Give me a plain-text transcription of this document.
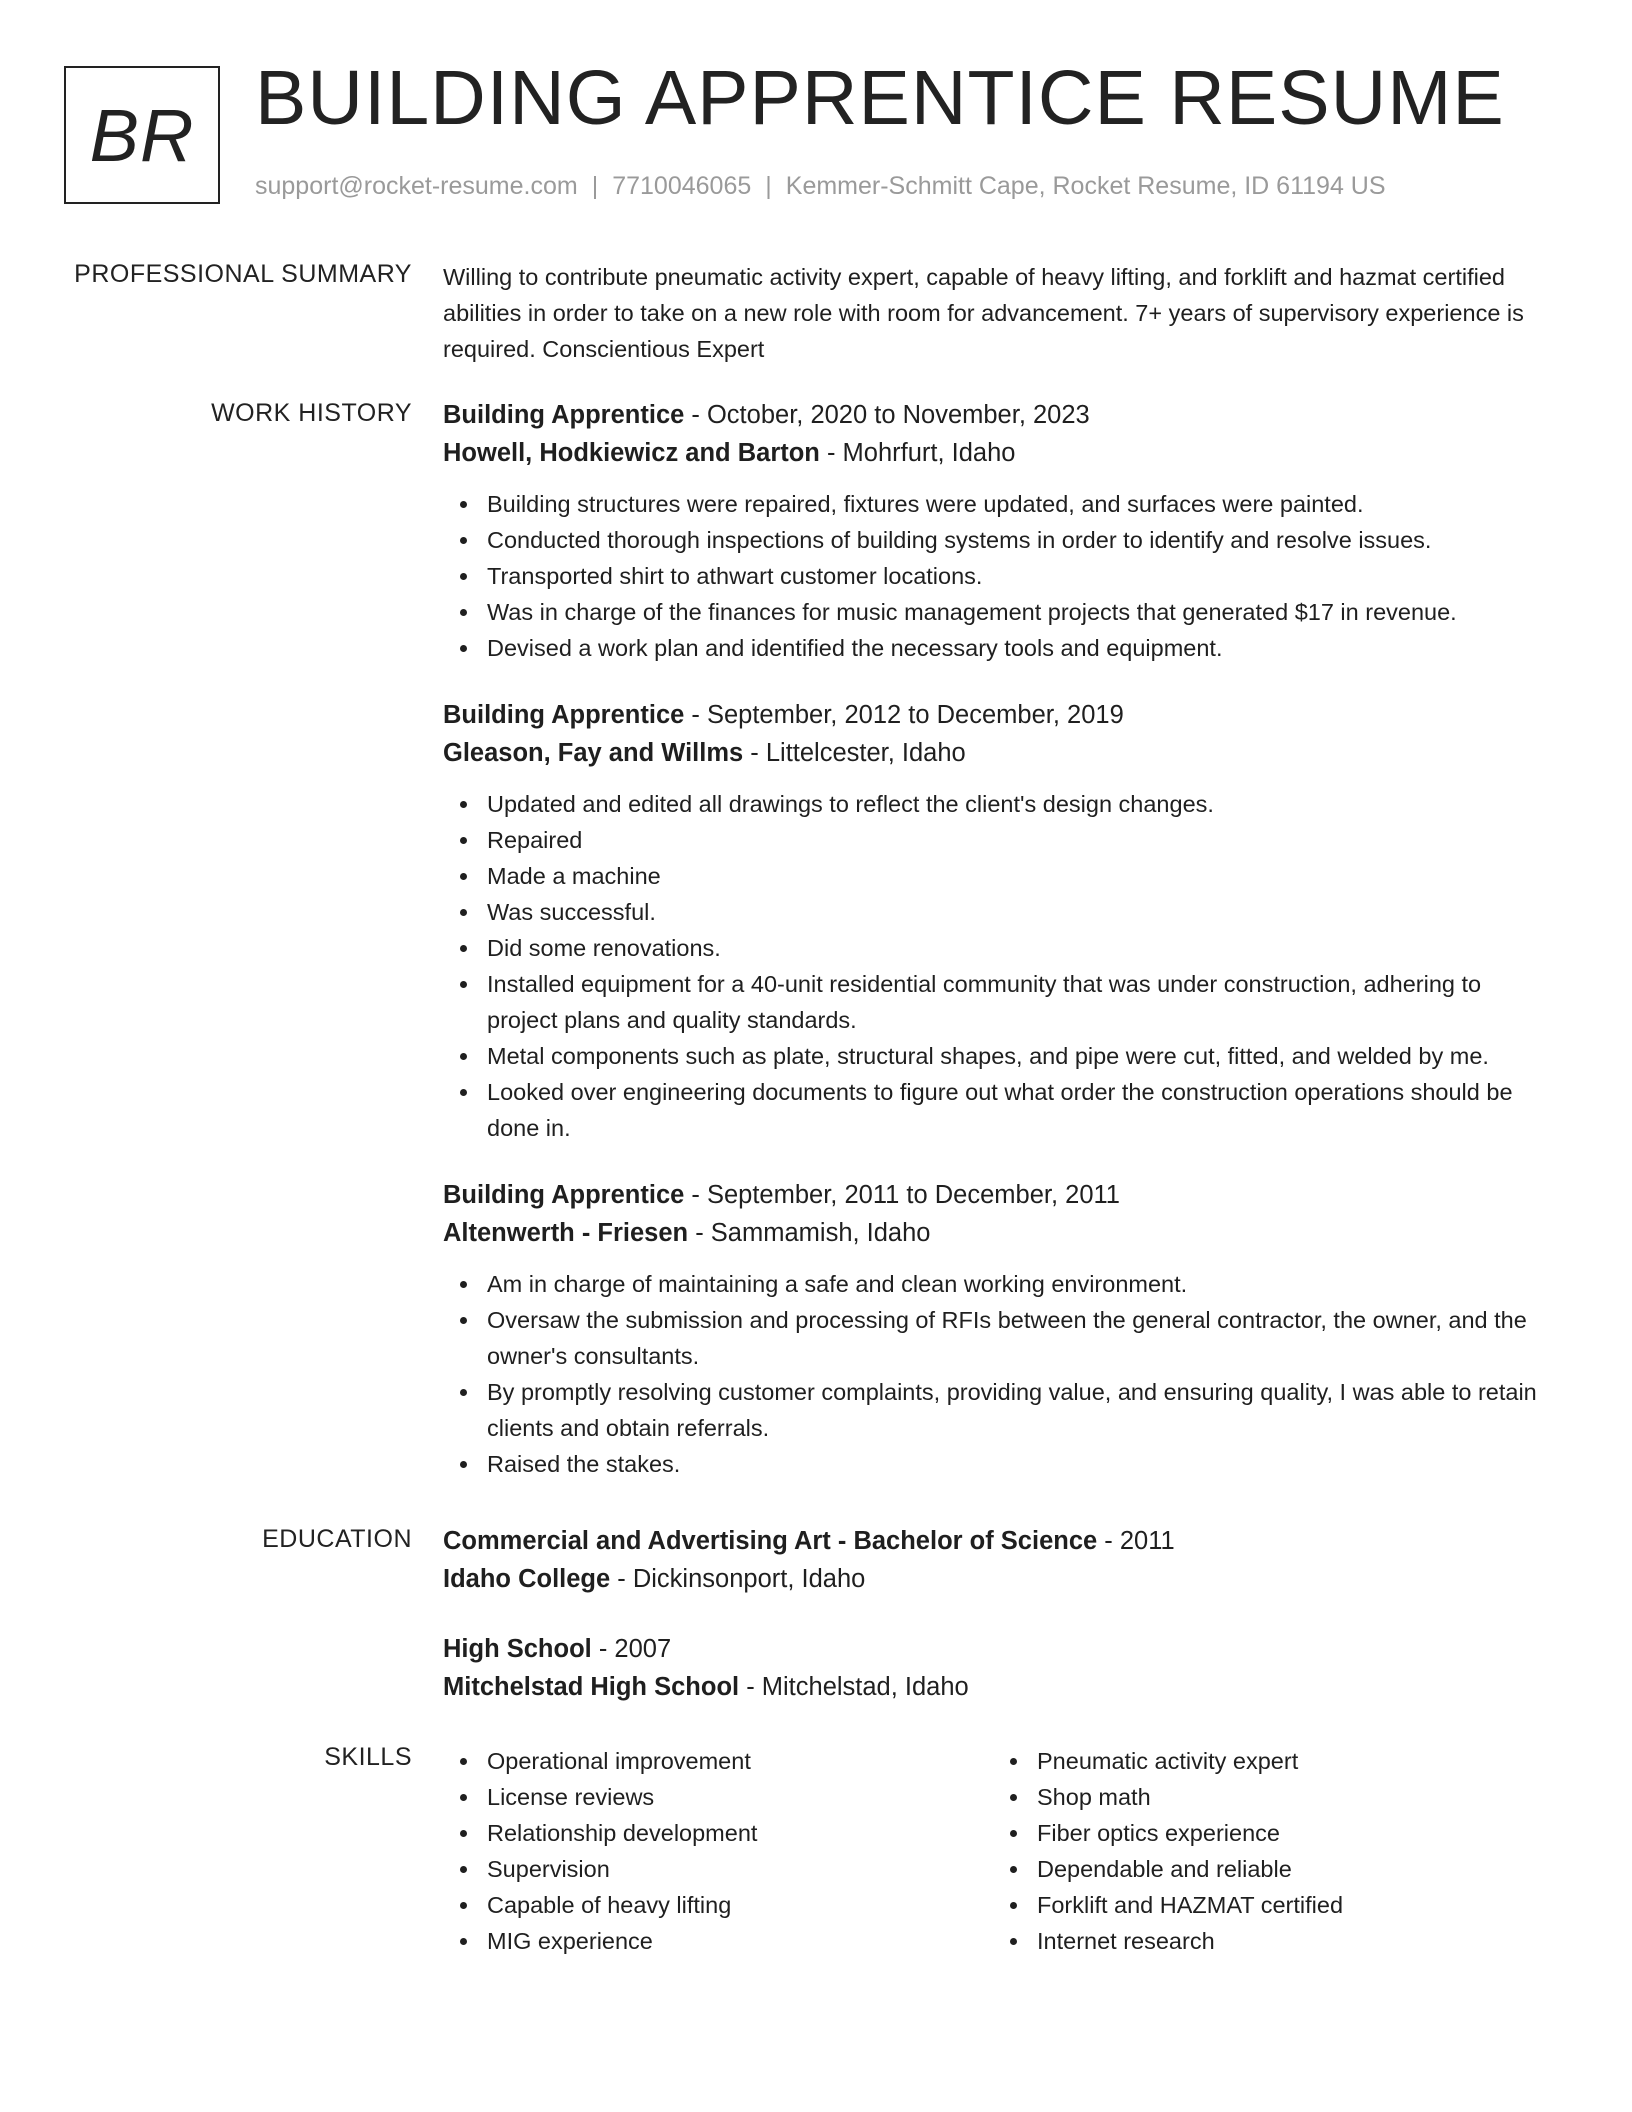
BR BUILDING APPRENTICE RESUME
support@rocket-resume.com | 7710046065 | Kemmer-Schmitt Cape, Rocket Resume, ID 61194 US
PROFESSIONAL SUMMARY Willing to contribute pneumatic activity expert, capable of heavy lifting, and forklift and hazmat certified abilities in order to take on a new role with room for advancement. 7+ years of supervisory experience is required. Conscientious Expert

WORK HISTORY Building Apprentice - October, 2020 to November, 2023
Howell, Hodkiewicz and Barton - Mohrfurt, Idaho
Building structures were repaired, fixtures were updated, and surfaces were painted.
Conducted thorough inspections of building systems in order to identify and resolve issues.
Transported shirt to athwart customer locations.
Was in charge of the finances for music management projects that generated $17 in revenue.
Devised a work plan and identified the necessary tools and equipment.
Building Apprentice - September, 2012 to December, 2019
Gleason, Fay and Willms - Littelcester, Idaho
Updated and edited all drawings to reflect the client's design changes.
Repaired
Made a machine
Was successful.
Did some renovations.
Installed equipment for a 40-unit residential community that was under construction, adhering to project plans and quality standards.
Metal components such as plate, structural shapes, and pipe were cut, fitted, and welded by me.
Looked over engineering documents to figure out what order the construction operations should be done in.
Building Apprentice - September, 2011 to December, 2011
Altenwerth - Friesen - Sammamish, Idaho
Am in charge of maintaining a safe and clean working environment.
Oversaw the submission and processing of RFIs between the general contractor, the owner, and the owner's consultants.
By promptly resolving customer complaints, providing value, and ensuring quality, I was able to retain clients and obtain referrals.
Raised the stakes.
EDUCATION Commercial and Advertising Art - Bachelor of Science - 2011
Idaho College - Dickinsonport, Idaho
High School - 2007
Mitchelstad High School - Mitchelstad, Idaho
SKILLS	Operational improvement
License reviews
Relationship development
Supervision
Capable of heavy lifting
MIG experience
Pneumatic activity expert
Shop math
Fiber optics experience
Dependable and reliable
Forklift and HAZMAT certified
Internet research
